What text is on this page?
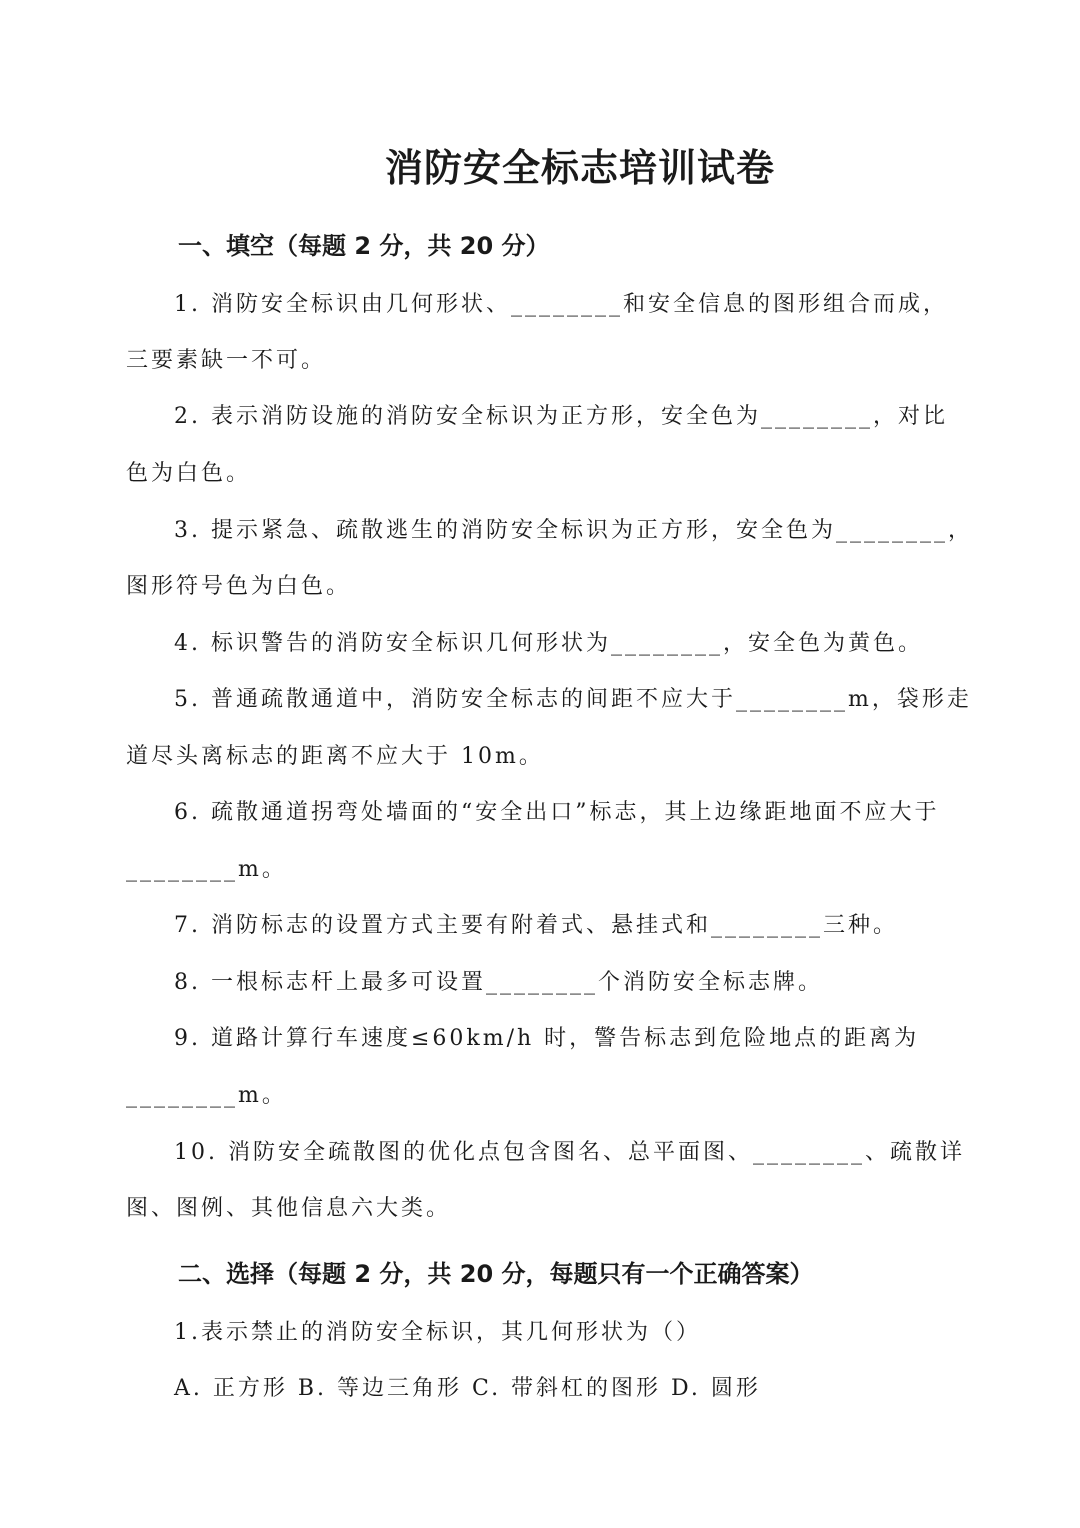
消防安全标志培训试卷
一、填空（每题 2 分，共 20 分）

1. 消防安全标识由几何形状、________和安全信息的图形组合而成，

三要素缺一不可。

2. 表示消防设施的消防安全标识为正方形，安全色为________，对比

色为白色。

3. 提示紧急、疏散逃生的消防安全标识为正方形，安全色为________，

图形符号色为白色。

4. 标识警告的消防安全标识几何形状为________，安全色为黄色。

5. 普通疏散通道中，消防安全标志的间距不应大于________m，袋形走

道尽头离标志的距离不应大于 10m。

6. 疏散通道拐弯处墙面的“安全出口”标志，其上边缘距地面不应大于

________m。

7. 消防标志的设置方式主要有附着式、悬挂式和________三种。

8. 一根标志杆上最多可设置________个消防安全标志牌。

9. 道路计算行车速度≤60km/h 时，警告标志到危险地点的距离为

________m。

10. 消防安全疏散图的优化点包含图名、总平面图、________、疏散详

图、图例、其他信息六大类。

二、选择（每题 2 分，共 20 分，每题只有一个正确答案）

1.表示禁止的消防安全标识，其几何形状为（）

A. 正方形 B. 等边三角形 C. 带斜杠的图形 D. 圆形
